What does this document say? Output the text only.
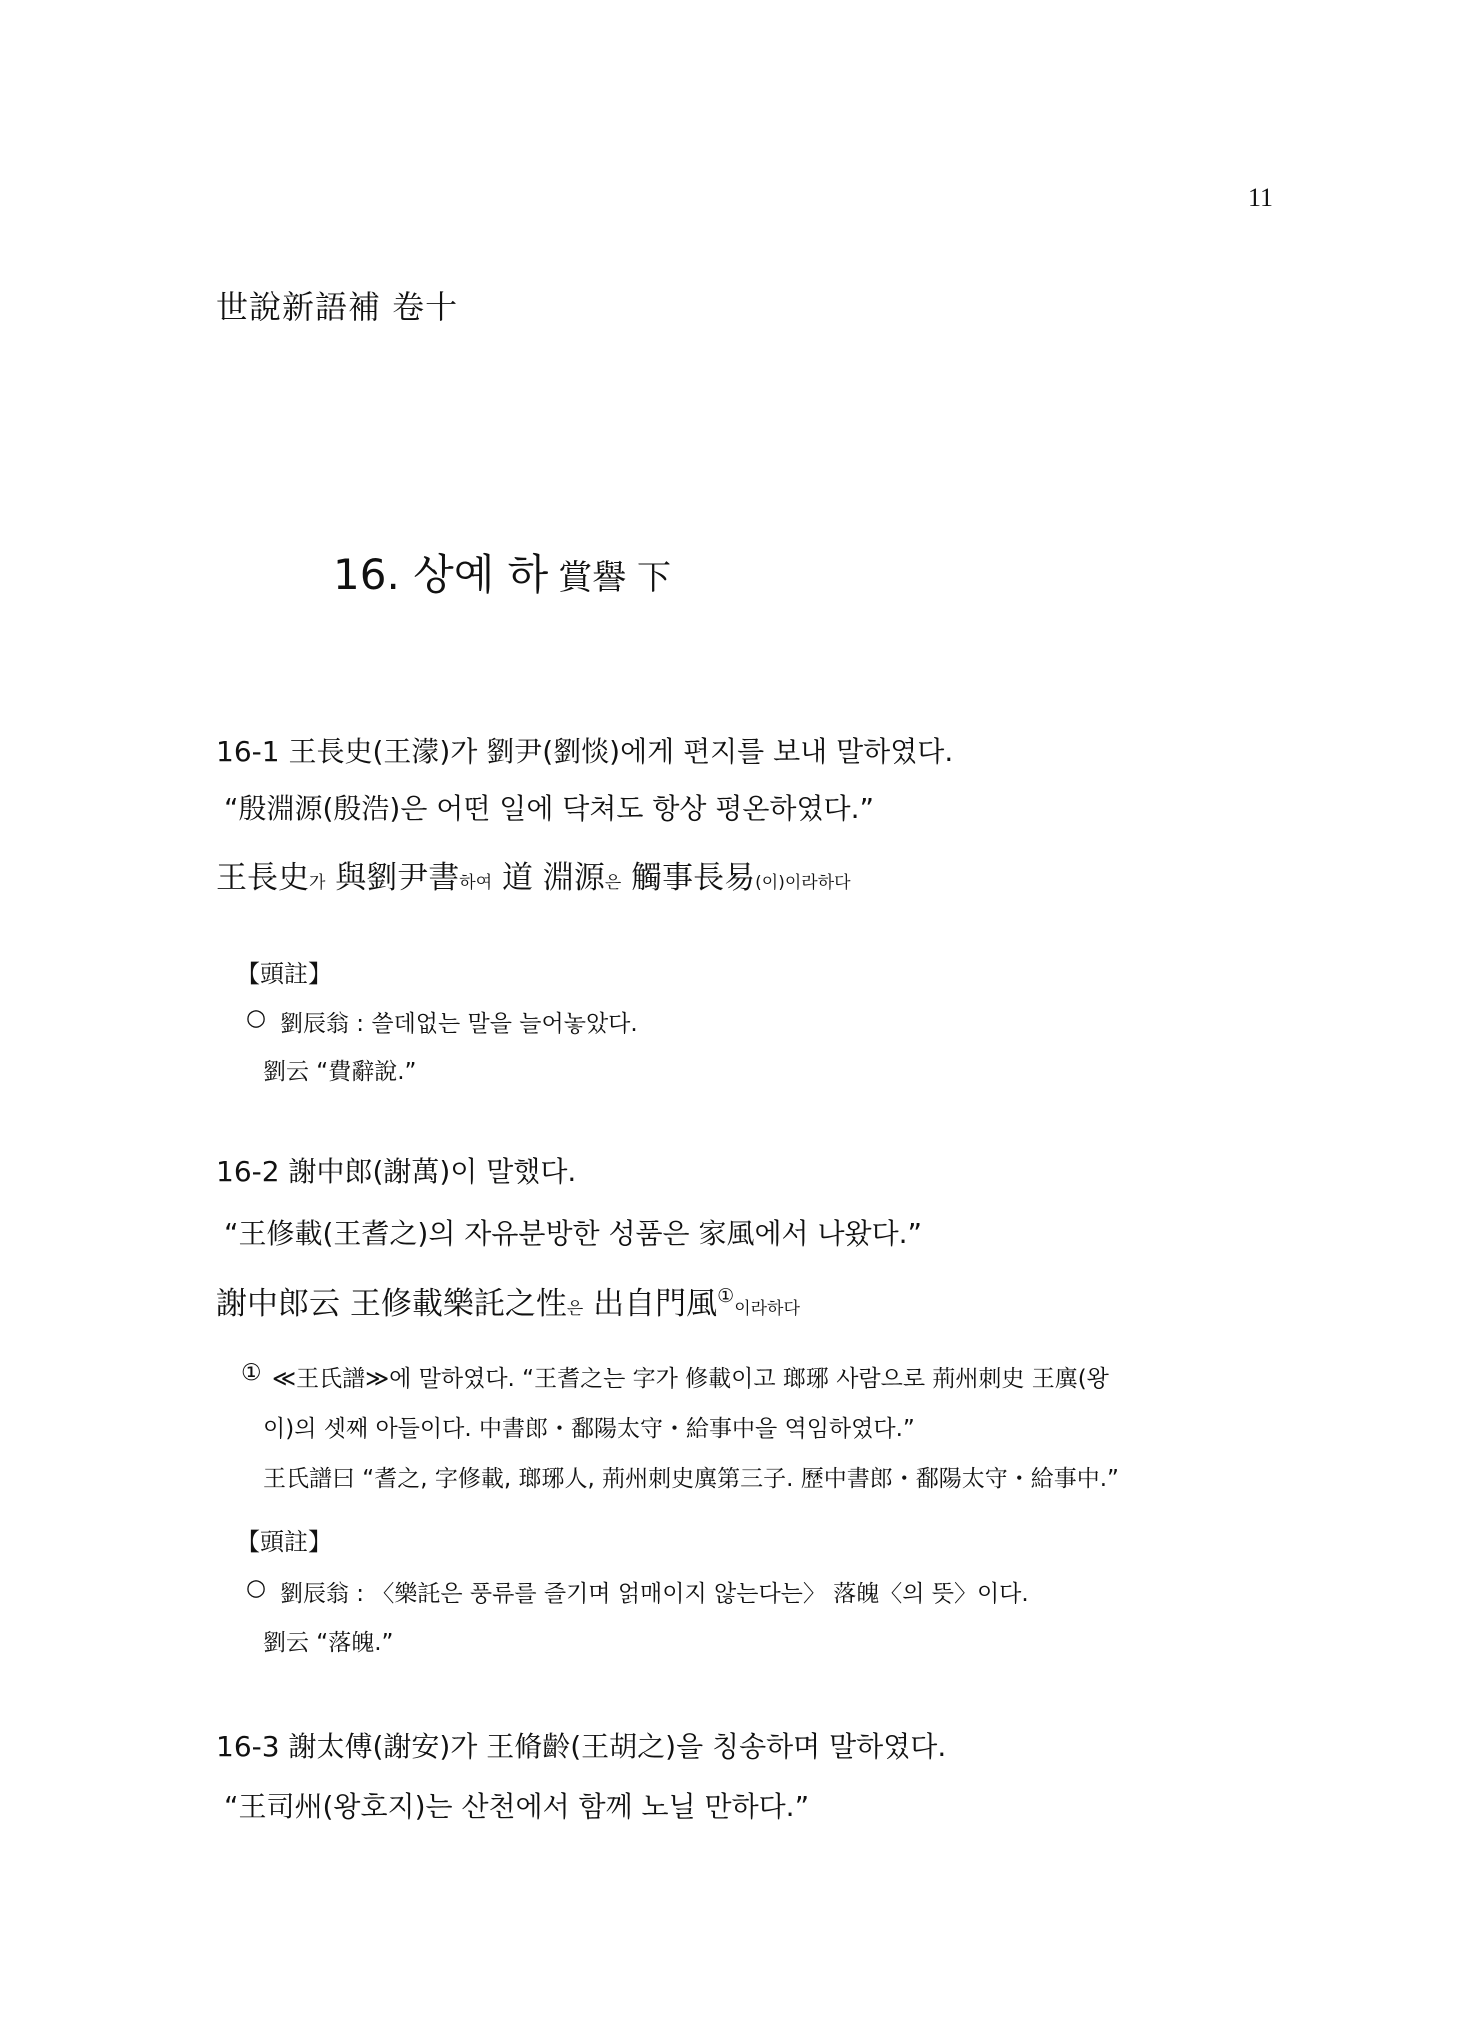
11
世說新語補 卷十
16. 상예 하 賞譽 下
16-1 王長史(王濛)가 劉尹(劉惔)에게 편지를 보내 말하였다.
“殷淵源(殷浩)은 어떤 일에 닥쳐도 항상 평온하였다.”
王長史가 與劉尹書하여 道 淵源은 觸事長易(이)이라하다
【頭註】
○ 劉辰翁 : 쓸데없는 말을 늘어놓았다.
劉云 “費辭說.”
16-2 謝中郎(謝萬)이 말했다.
“王修載(王耆之)의 자유분방한 성품은 家風에서 나왔다.”
謝中郎云 王修載樂託之性은 出自門風①이라하다
① ≪王氏譜≫에 말하였다. “王耆之는 字가 修載이고 瑯琊 사람으로 荊州刺史 王廙(왕
이)의 셋째 아들이다. 中書郎・鄱陽太守・給事中을 역임하였다.”
王氏譜曰 “耆之, 字修載, 瑯琊人, 荊州刺史廙第三子. 歷中書郎・鄱陽太守・給事中.”
【頭註】
○ 劉辰翁 : 〈樂託은 풍류를 즐기며 얽매이지 않는다는〉 落魄〈의 뜻〉이다.
劉云 “落魄.”
16-3 謝太傅(謝安)가 王脩齡(王胡之)을 칭송하며 말하였다.
“王司州(왕호지)는 산천에서 함께 노닐 만하다.”
